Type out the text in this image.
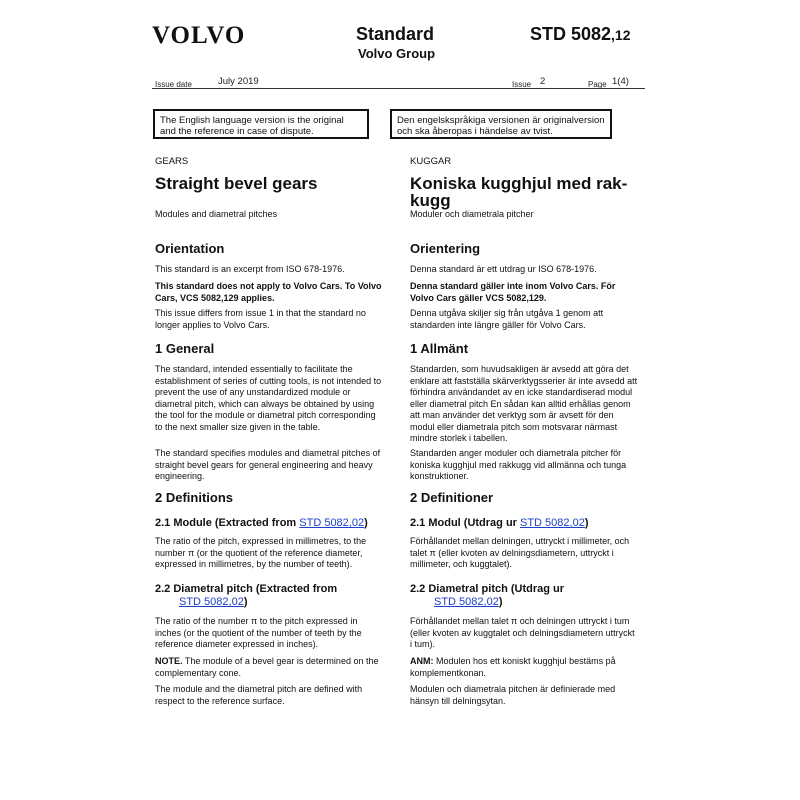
VOLVO	Standard
Volvo Group
STD 5082,12
Issue date	July 2019	Issue 2	Page 1(4)
The English language version is the original and the reference in case of dispute.
Den engelskspråkiga versionen är originalversion och ska åberopas i händelse av tvist.
GEARS
Straight bevel gears
Modules and diametral pitches
Orientation
This standard is an excerpt from ISO 678-1976.
This standard does not apply to Volvo Cars. To Volvo Cars, VCS 5082,129 applies.
This issue differs from issue 1 in that the standard no longer applies to Volvo Cars.
1 General
The standard, intended essentially to facilitate the establishment of series of cutting tools, is not intended to prevent the use of any unstandardized module or diametral pitch, which can always be obtained by using the tool for the module or diametral pitch corresponding to the next smaller size given in the table.
The standard specifies modules and diametral pitches of straight bevel gears for general engineering and heavy engineering.
2 Definitions
2.1 Module (Extracted from STD 5082,02)
The ratio of the pitch, expressed in millimetres, to the number π (or the quotient of the reference diameter, expressed in millimetres, by the number of teeth).
2.2 Diametral pitch (Extracted from
STD 5082,02)
The ratio of the number π to the pitch expressed in inches (or the quotient of the number of teeth by the reference diameter expressed in inches).
NOTE. The module of a bevel gear is determined on the complementary cone.
The module and the diametral pitch are defined with respect to the reference surface.
KUGGAR
Koniska kugghjul med rak-kugg
Moduler och diametrala pitcher
Orientering
Denna standard är ett utdrag ur ISO 678-1976.
Denna standard gäller inte inom Volvo Cars. För Volvo Cars gäller VCS 5082,129.
Denna utgåva skiljer sig från utgåva 1 genom att standarden inte längre gäller för Volvo Cars.
1 Allmänt
Standarden, som huvudsakligen är avsedd att göra det enklare att fastställa skärverktygsserier är inte avsedd att förhindra användandet av en icke standardiserad modul eller diametral pitch En sådan kan alltid erhållas genom att man använder det verktyg som är avsett för den modul eller diametrala pitch som motsvarar närmast mindre storlek i tabellen.
Standarden anger moduler och diametrala pitcher för koniska kugghjul med rakkugg vid allmänna och tunga konstruktioner.
2 Definitioner
2.1 Modul (Utdrag ur STD 5082,02)
Förhållandet mellan delningen, uttryckt i millimeter, och talet π (eller kvoten av delningsdiametern, uttryckt i millimeter, och kuggtalet).
2.2 Diametral pitch (Utdrag ur
STD 5082,02)
Förhållandet mellan talet π och delningen uttryckt i tum (eller kvoten av kuggtalet och delningsdiametern uttryckt i tum).
ANM: Modulen hos ett koniskt kugghjul bestäms på komplementkonan.
Modulen och diametrala pitchen är definierade med hänsyn till delningsytan.
